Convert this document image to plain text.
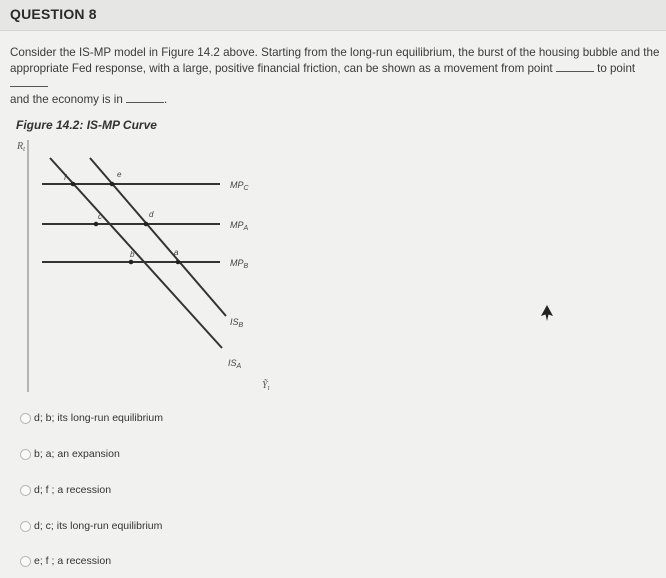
QUESTION 8
Consider the IS-MP model in Figure 14.2 above. Starting from the long-run equilibrium, the burst of the housing bubble and the appropriate Fed response, with a large, positive financial friction, can be shown as a movement from point	to point
and the economy is in	.
Figure 14.2: IS-MP Curve
$R_t$
$MP_C$
$MP_A$
$MP_B$
$IS_B$
$IS_A$
Ỹ$_t$
f	e
c	d
b	a
d; b; its long-run equilibrium
b; a; an expansion
d; f ; a recession
d; c; its long-run equilibrium
e; f ; a recession
